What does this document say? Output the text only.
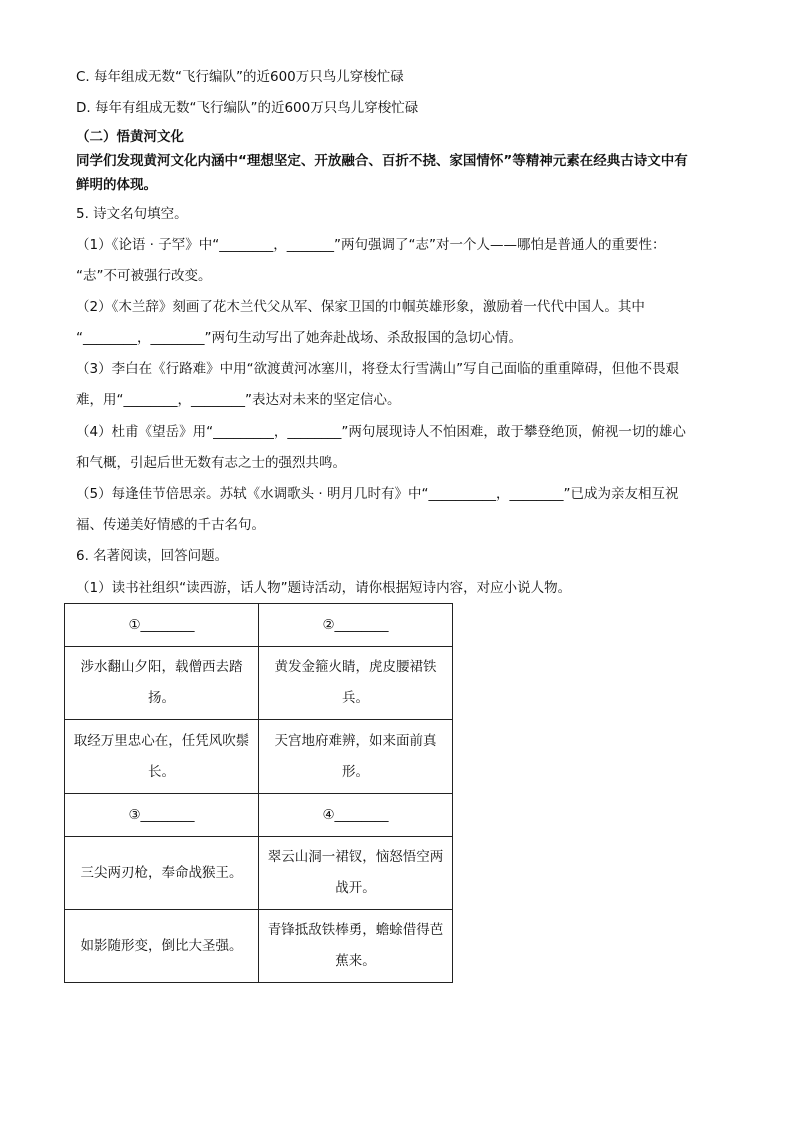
C. 每年组成无数“飞行编队”的近600万只鸟儿穿梭忙碌
D. 每年有组成无数“飞行编队”的近600万只鸟儿穿梭忙碌
（二）悟黄河文化
同学们发现黄河文化内涵中“理想坚定、开放融合、百折不挠、家国情怀”等精神元素在经典古诗文中有
鲜明的体现。
5. 诗文名句填空。
（1）《论语 · 子罕》中“________，_______”两句强调了“志”对一个人——哪怕是普通人的重要性：
“志”不可被强行改变。
（2）《木兰辞》刻画了花木兰代父从军、保家卫国的巾帼英雄形象，激励着一代代中国人。其中
“________，________”两句生动写出了她奔赴战场、杀敌报国的急切心情。
（3）李白在《行路难》中用“欲渡黄河冰塞川，将登太行雪满山”写自己面临的重重障碍，但他不畏艰
难，用“________，________”表达对未来的坚定信心。
（4）杜甫《望岳》用“_________，________”两句展现诗人不怕困难，敢于攀登绝顶，俯视一切的雄心
和气概，引起后世无数有志之士的强烈共鸣。
（5）每逢佳节倍思亲。苏轼《水调歌头 · 明月几时有》中“__________，________”已成为亲友相互祝
福、传递美好情感的千古名句。
6. 名著阅读，回答问题。
（1）读书社组织“读西游，话人物”题诗活动，请你根据短诗内容，对应小说人物。
①________	②________
涉水翻山夕阳，载僧西去踏扬。	黄发金箍火睛，虎皮腰裙铁兵。
取经万里忠心在，任凭风吹鬃长。	天宫地府难辨，如来面前真形。
③________	④________
三尖两刃枪，奉命战猴王。	翠云山洞一裙钗，恼怒悟空两战开。
如影随形变，倒比大圣强。	青锋抵敌铁棒勇，蟾蜍借得芭蕉来。
